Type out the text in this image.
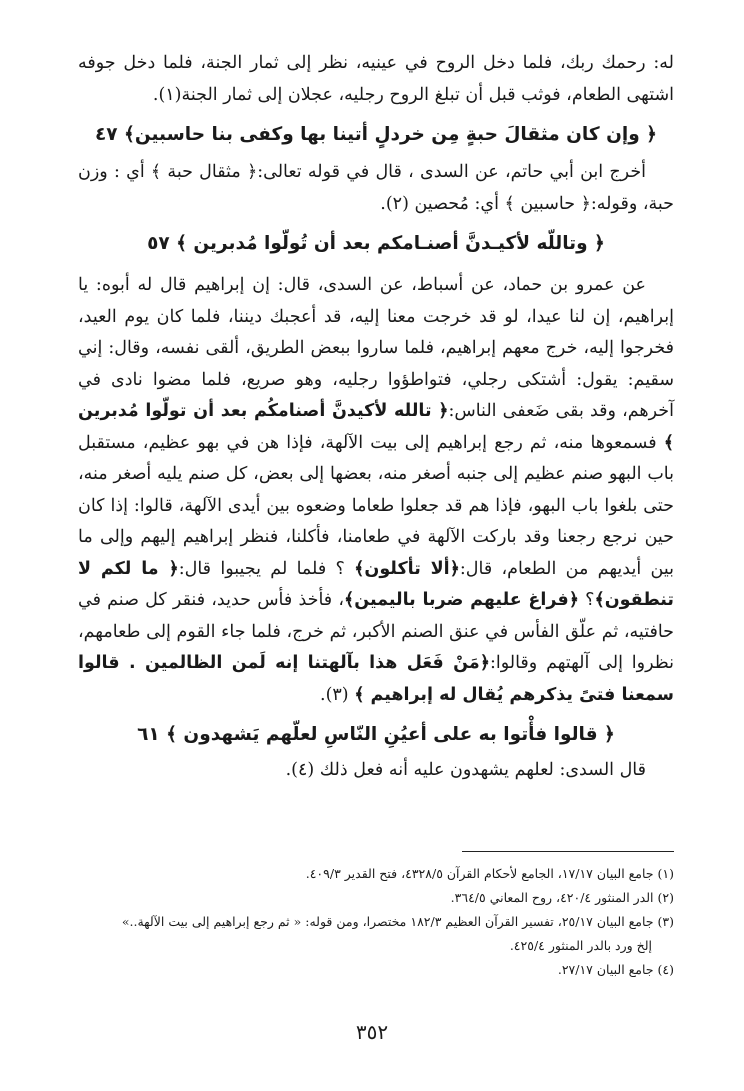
له: رحمك ربك، فلما دخل الروح في عينيه، نظر إلى ثمار الجنة، فلما دخل جوفه اشتهى الطعام، فوثب قبل أن تبلغ الروح رجليه، عجلان إلى ثمار الجنة(١).

﴿ وإن كان مثقالَ حبةٍ مِن خردلٍ أتينا بها وكفى بنا حاسبين﴾ ٤٧

أخرج ابن أبي حاتم، عن السدى ، قال في قوله تعالى:﴿ مثقال حبة ﴾ أي : وزن حبة، وقوله:﴿ حاسبين ﴾ أي: مُحصين (٢).

﴿ وتاللّه لأكيـدنَّ أصنـامكم بعد أن تُولّوا مُدبرين ﴾ ٥٧

عن عمرو بن حماد، عن أسباط، عن السدى، قال: إن إبراهيم قال له أبوه: يا إبراهيم، إن لنا عيدا، لو قد خرجت معنا إليه، قد أعجبك ديننا، فلما كان يوم العيد، فخرجوا إليه، خرج معهم إبراهيم، فلما ساروا ببعض الطريق، ألقى نفسه، وقال: إني سقيم: يقول: أشتكى رجلي، فتواطؤوا رجليه، وهو صريع، فلما مضوا نادى في آخرهم، وقد بقى ضَعفى الناس:﴿ تالله لأكيدنَّ أصنامكُم بعد أن تولّوا مُدبرين ﴾ فسمعوها منه، ثم رجع إبراهيم إلى بيت الآلهة، فإذا هن في بهو عظيم، مستقبل باب البهو صنم عظيم إلى جنبه أصغر منه، بعضها إلى بعض، كل صنم يليه أصغر منه، حتى بلغوا باب البهو، فإذا هم قد جعلوا طعاما وضعوه بين أيدى الآلهة، قالوا: إذا كان حين نرجع رجعنا وقد باركت الآلهة في طعامنا، فأكلنا، فنظر إبراهيم إليهم وإلى ما بين أيديهم من الطعام، قال:﴿ألا تأكلون﴾ ؟ فلما لم يجيبوا قال:﴿ ما لكم لا تنطقون﴾؟ ﴿فراغ عليهم ضربا باليمين﴾، فأخذ فأس حديد، فنقر كل صنم في حافتيه، ثم علّق الفأس في عنق الصنم الأكبر، ثم خرج، فلما جاء القوم إلى طعامهم، نظروا إلى آلهتهم وقالوا:﴿مَنْ فَعَل هذا بآلهتنا إنه لَمن الظالمين . قالوا سمعنا فتىً يذكرهم يُقال له إبراهيم ﴾ (٣).

﴿ قالوا فأْتوا به على أعيُنِ النّاسِ لعلّهم يَشهدون ﴾ ٦١

قال السدى: لعلهم يشهدون عليه أنه فعل ذلك (٤).

(١) جامع البيان ١٧/١٧، الجامع لأحكام القرآن ٤٣٢٨/٥، فتح القدير ٤٠٩/٣.

(٢) الدر المنثور ٤٢٠/٤، روح المعاني ٣٦٤/٥.

(٣) جامع البيان ٢٥/١٧، تفسير القرآن العظيم ١٨٢/٣ مختصرا، ومن قوله: « ثم رجع إبراهيم إلى بيت الآلهة..»

إلخ ورد بالدر المنثور ٤٢٥/٤.

(٤) جامع البيان ٢٧/١٧.

٣٥٢
